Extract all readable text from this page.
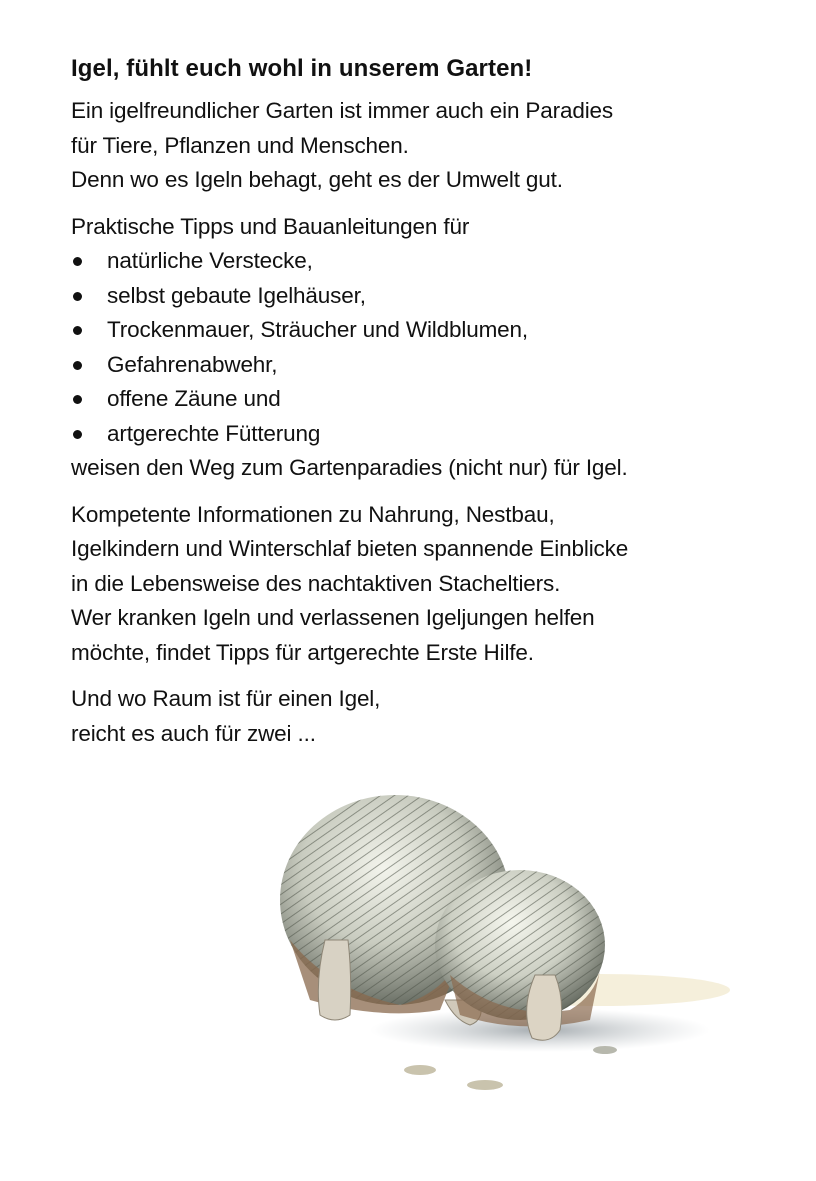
Igel, fühlt euch wohl in unserem Garten!

Ein igelfreundlicher Garten ist immer auch ein Paradies
für Tiere, Pflanzen und Menschen.
Denn wo es Igeln behagt, geht es der Umwelt gut.

Praktische Tipps und Bauanleitungen für
natürliche Verstecke,
selbst gebaute Igelhäuser,
Trockenmauer, Sträucher und Wildblumen,
Gefahrenabwehr,
offene Zäune und
artgerechte Fütterung
weisen den Weg zum Gartenparadies (nicht nur) für Igel.

Kompetente Informationen zu Nahrung, Nestbau,
Igelkindern und Winterschlaf bieten spannende Einblicke
in die Lebensweise des nachtaktiven Stacheltiers.
Wer kranken Igeln und verlassenen Igeljungen helfen
möchte, findet Tipps für artgerechte Erste Hilfe.

Und wo Raum ist für einen Igel,
reicht es auch für zwei ...
